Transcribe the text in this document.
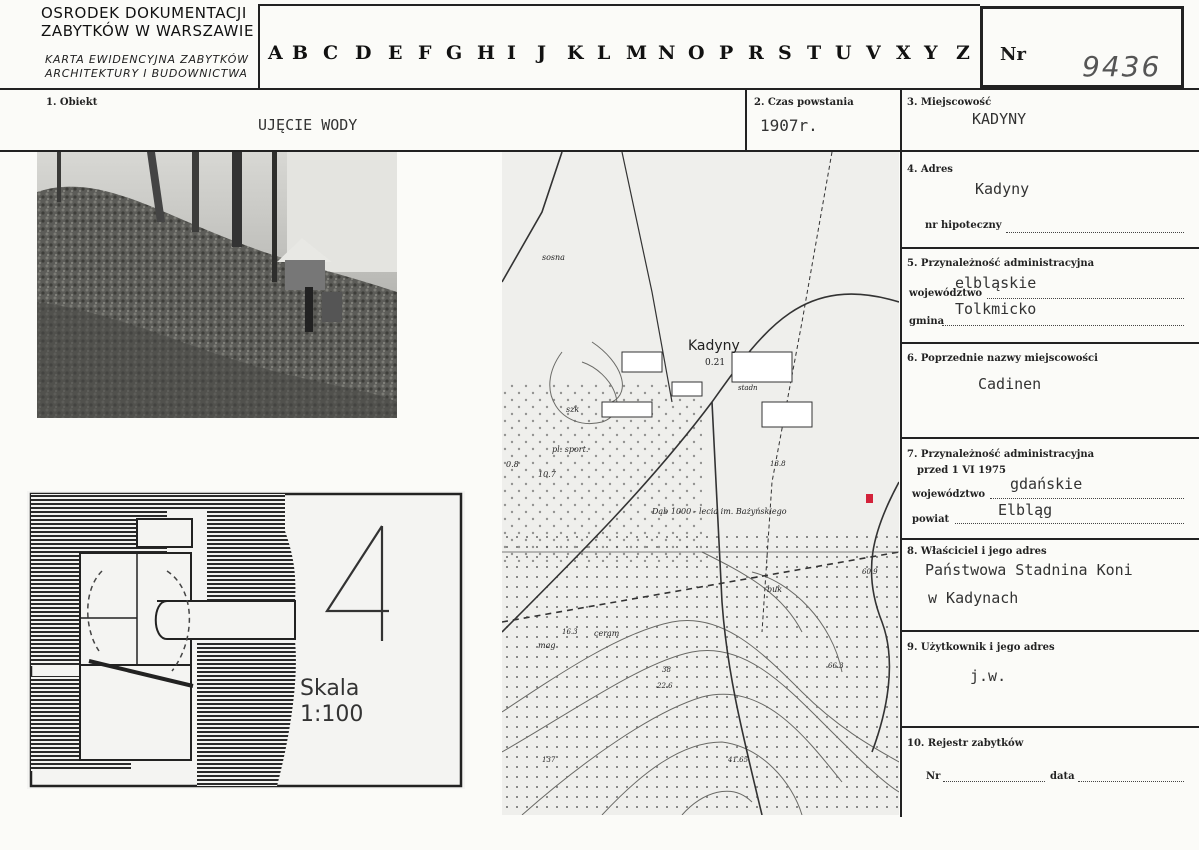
OSRODEK DOKUMENTACJI
ZABYTKÓW W WARSZAWIE
KARTA EWIDENCYJNA ZABYTKÓW
ARCHITEKTURY I BUDOWNICTWA
A B C D E F G H I J K L M N O P R S T U V X Y Z Nr 9436
1. Obiekt
UJĘCIE WODY
2. Czas powstania
1907r.
3. Miejscowość
KADYNY
4. Adres
Kadyny
nr hipoteczny
5. Przynależność administracyjna
województwo
elbląskie
gmina
Tolkmicko
6. Poprzednie nazwy miejscowości
Cadinen
7. Przynależność administracyjna
przed 1 VI 1975
województwo
gdańskie
powiat
Elbląg
8. Właściciel i jego adres
Państwowa Stadnina Koni
w Kadynach
9. Użytkownik i jego adres
j.w.
10. Rejestr zabytków
Nr	data
Skala
1:100
Kadyny
0.21
sosna
szk
pl. sport.
stadn
Dąb 1000 - lecia im. Bażyńskiego
buk
cerąm
mag
10.7
0.8
16.3
22.6
66.3
41.65
60.9
13.8
137
38
